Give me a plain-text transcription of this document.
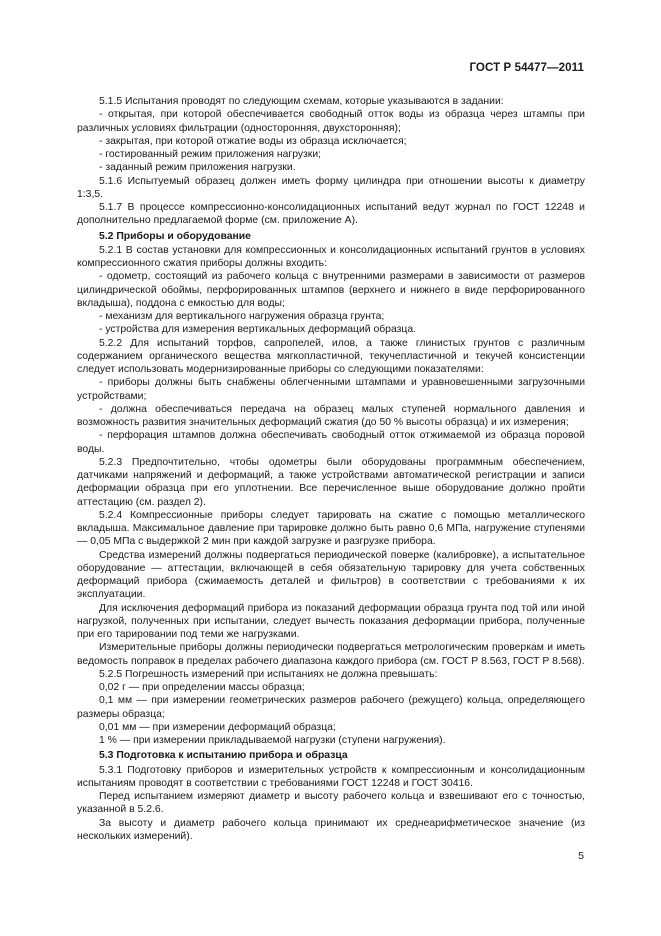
ГОСТ Р 54477—2011

5.1.5 Испытания проводят по следующим схемам, которые указываются в задании:

- открытая, при которой обеспечивается свободный отток воды из образца через штампы при различных условиях фильтрации (односторонняя, двухсторонняя);

- закрытая, при которой отжатие воды из образца исключается;

- гостированный режим приложения нагрузки;

- заданный режим приложения нагрузки.

5.1.6 Испытуемый образец должен иметь форму цилиндра при отношении высоты к диаметру 1:3,5.

5.1.7 В процессе компрессионно-консолидационных испытаний ведут журнал по ГОСТ 12248 и дополнительно предлагаемой форме (см. приложение А).

5.2 Приборы и оборудование

5.2.1 В состав установки для компрессионных и консолидационных испытаний грунтов в условиях компрессионного сжатия приборы должны входить:

- одометр, состоящий из рабочего кольца с внутренними размерами в зависимости от размеров цилиндрической обоймы, перфорированных штампов (верхнего и нижнего в виде перфорированного вкладыша), поддона с емкостью для воды;

- механизм для вертикального нагружения образца грунта;

- устройства для измерения вертикальных деформаций образца.

5.2.2 Для испытаний торфов, сапропелей, илов, а также глинистых грунтов с различным содержанием органического вещества мягкопластичной, текучепластичной и текучей консистенции следует использовать модернизированные приборы со следующими показателями:

- приборы должны быть снабжены облегченными штампами и уравновешенными загрузочными устройствами;

- должна обеспечиваться передача на образец малых ступеней нормального давления и возможность развития значительных деформаций сжатия (до 50 % высоты образца) и их измерения;

- перфорация штампов должна обеспечивать свободный отток отжимаемой из образца поровой воды.

5.2.3 Предпочтительно, чтобы одометры были оборудованы программным обеспечением, датчиками напряжений и деформаций, а также устройствами автоматической регистрации и записи деформации образца при его уплотнении. Все перечисленное выше оборудование должно пройти аттестацию (см. раздел 2).

5.2.4 Компрессионные приборы следует тарировать на сжатие с помощью металлического вкладыша. Максимальное давление при тарировке должно быть равно 0,6 МПа, нагружение ступенями — 0,05 МПа с выдержкой 2 мин при каждой загрузке и разгрузке прибора.

Средства измерений должны подвергаться периодической поверке (калибровке), а испытательное оборудование — аттестации, включающей в себя обязательную тарировку для учета собственных деформаций прибора (сжимаемость деталей и фильтров) в соответствии с требованиями к их эксплуатации.

Для исключения деформаций прибора из показаний деформации образца грунта под той или иной нагрузкой, полученных при испытании, следует вычесть показания деформации прибора, полученные при его тарировании под теми же нагрузками.

Измерительные приборы должны периодически подвергаться метрологическим проверкам и иметь ведомость поправок в пределах рабочего диапазона каждого прибора (см. ГОСТ Р 8.563, ГОСТ Р 8.568).

5.2.5 Погрешность измерений при испытаниях не должна превышать:

0,02 г — при определении массы образца;

0,1 мм — при измерении геометрических размеров рабочего (режущего) кольца, определяющего размеры образца;

0,01 мм — при измерении деформаций образца;

1 % — при измерении прикладываемой нагрузки (ступени нагружения).

5.3 Подготовка к испытанию прибора и образца

5.3.1 Подготовку приборов и измерительных устройств к компрессионным и консолидационным испытаниям проводят в соответствии с требованиями ГОСТ 12248 и ГОСТ 30416.

Перед испытанием измеряют диаметр и высоту рабочего кольца и взвешивают его с точностью, указанной в 5.2.6.

За высоту и диаметр рабочего кольца принимают их среднеарифметическое значение (из нескольких измерений).

5
